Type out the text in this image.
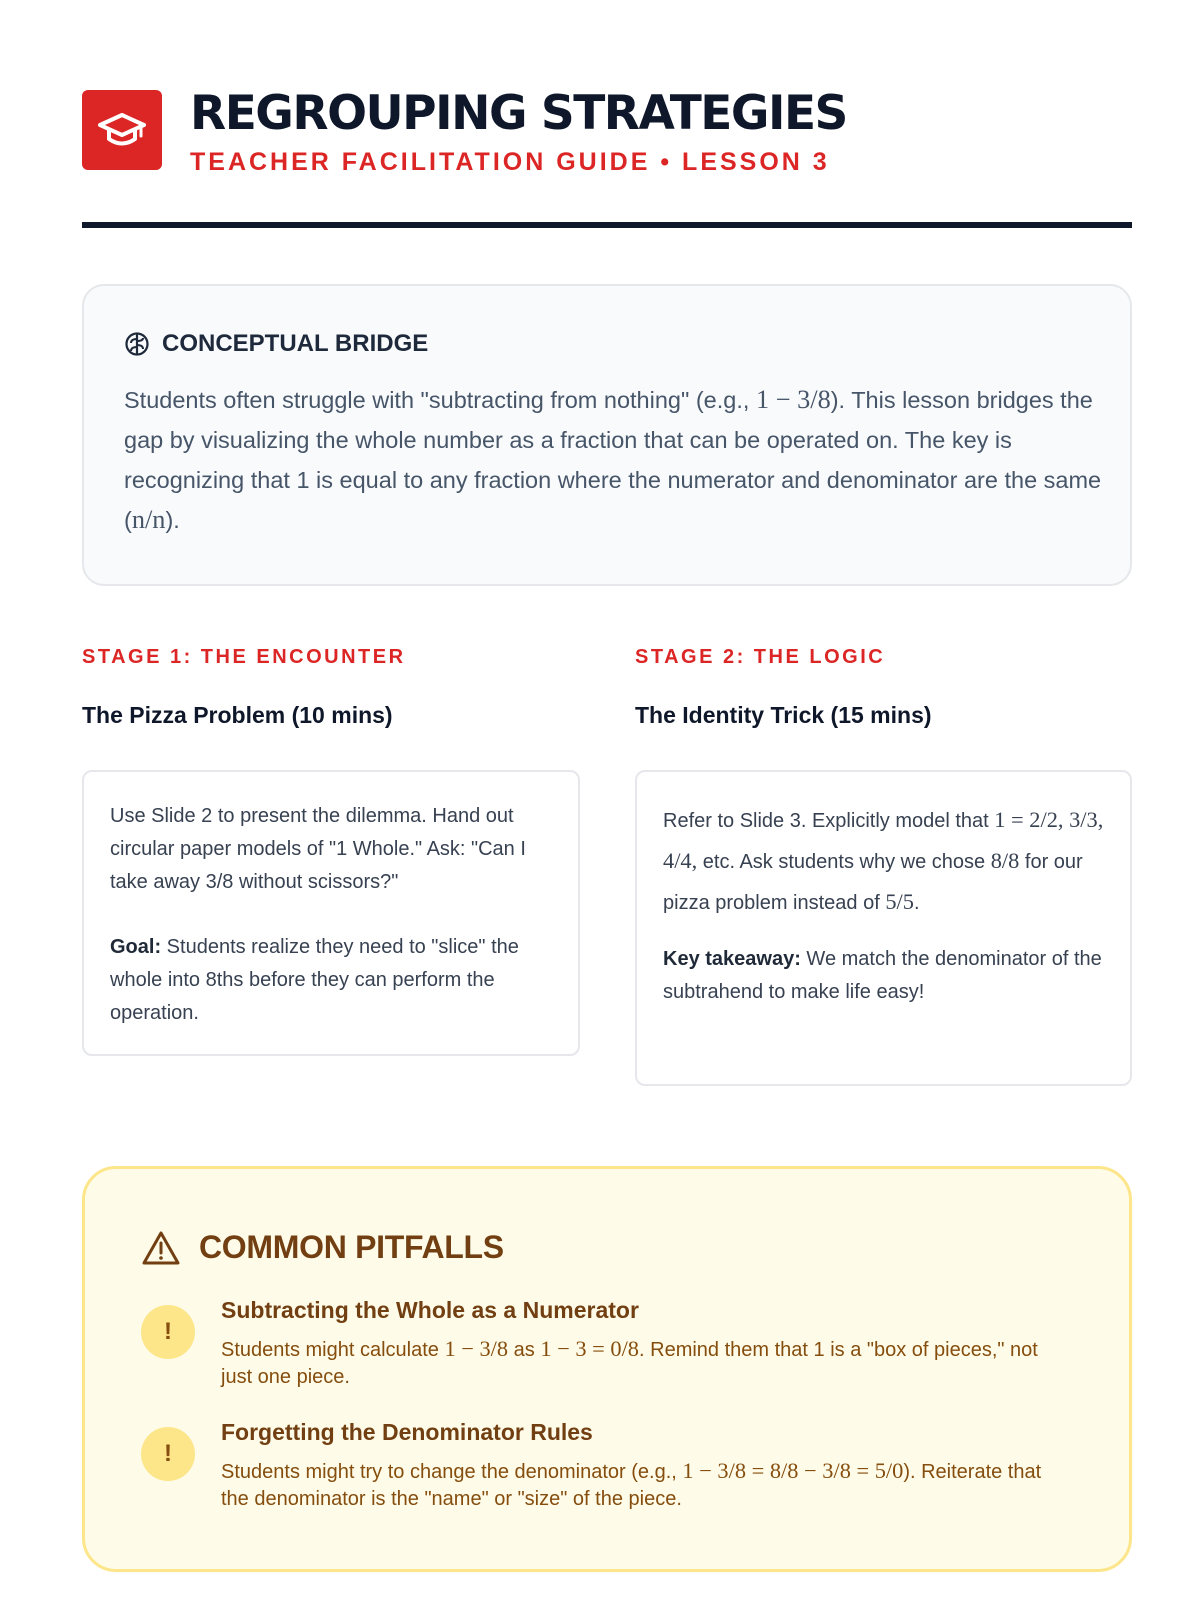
REGROUPING STRATEGIES
TEACHER FACILITATION GUIDE • LESSON 3
CONCEPTUAL BRIDGE

Students often struggle with "subtracting from nothing" (e.g., 1 − 3/8). This lesson bridges the gap by visualizing the whole number as a fraction that can be operated on. The key is recognizing that 1 is equal to any fraction where the numerator and denominator are the same (n/n).

STAGE 1: THE ENCOUNTER
The Pizza Problem (10 mins)

Use Slide 2 to present the dilemma. Hand out circular paper models of "1 Whole." Ask: "Can I take away 3/8 without scissors?"

Goal: Students realize they need to "slice" the whole into 8ths before they can perform the operation.

STAGE 2: THE LOGIC
The Identity Trick (15 mins)

Refer to Slide 3. Explicitly model that 1 = 2/2, 3/3, 4/4, etc. Ask students why we chose 8/8 for our pizza problem instead of 5/5.

Key takeaway: We match the denominator of the subtrahend to make life easy!

COMMON PITFALLS
!
Subtracting the Whole as a Numerator

Students might calculate 1 − 3/8 as 1 − 3 = 0/8. Remind them that 1 is a "box of pieces," not just one piece.

!
Forgetting the Denominator Rules

Students might try to change the denominator (e.g., 1 − 3/8 = 8/8 − 3/8 = 5/0). Reiterate that the denominator is the "name" or "size" of the piece.
